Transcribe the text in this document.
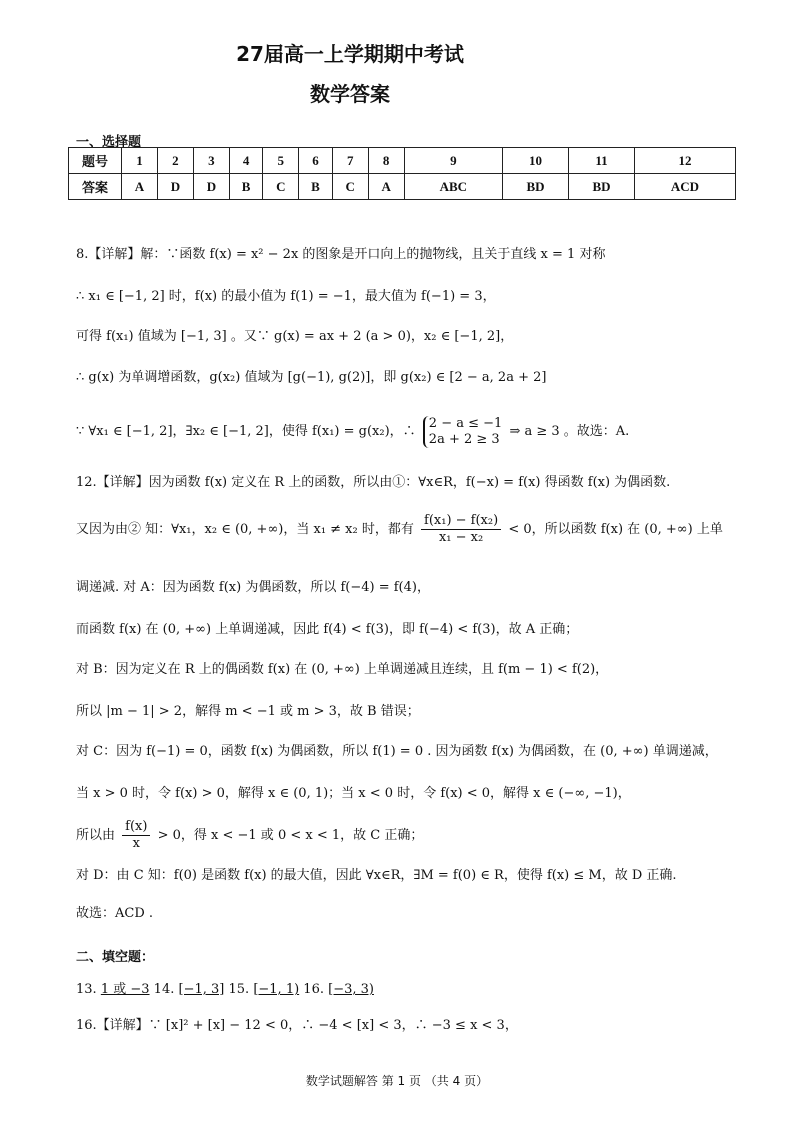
27届高一上学期期中考试
数学答案
一、选择题
题号	1	2	3	4	5	6	7	8	9	10	11	12
答案	A	D	D	B	C	B	C	A	ABC	BD	BD	ACD
8.【详解】解：∵函数 f(x) = x² − 2x 的图象是开口向上的抛物线，且关于直线 x = 1 对称
∴ x₁ ∈ [−1, 2] 时，f(x) 的最小值为 f(1) = −1，最大值为 f(−1) = 3，
可得 f(x₁) 值域为 [−1, 3] 。又∵ g(x) = ax + 2 (a > 0)，x₂ ∈ [−1, 2]，
∴ g(x) 为单调增函数，g(x₂) 值域为 [g(−1), g(2)]，即 g(x₂) ∈ [2 − a, 2a + 2]
∵ ∀x₁ ∈ [−1, 2]，∃x₂ ∈ [−1, 2]，使得 f(x₁) = g(x₂)，∴
2 − a ≤ −1
2a + 2 ≥ 3 ⇒ a ≥ 3 。故选：A.
12.【详解】因为函数 f(x) 定义在 R 上的函数，所以由①：∀x∈R，f(−x) = f(x) 得函数 f(x) 为偶函数.
又因为由② 知：∀x₁，x₂ ∈ (0, +∞)，当 x₁ ≠ x₂ 时，都有 $\frac{\text{f(x₁) − f(x₂)}}{\text{x₁ − x₂}} < 0$，所以函数 f(x) 在 (0, +∞) 上单
调递减. 对 A：因为函数 f(x) 为偶函数，所以 f(−4) = f(4)，
而函数 f(x) 在 (0, +∞) 上单调递减，因此 f(4) < f(3)，即 f(−4) < f(3)，故 A 正确；
对 B：因为定义在 R 上的偶函数 f(x) 在 (0, +∞) 上单调递减且连续，且 f(m − 1) < f(2)，
所以 |m − 1| > 2，解得 m < −1 或 m > 3，故 B 错误；
对 C：因为 f(−1) = 0，函数 f(x) 为偶函数，所以 f(1) = 0 . 因为函数 f(x) 为偶函数，在 (0, +∞) 单调递减，
当 x > 0 时，令 f(x) > 0，解得 x ∈ (0, 1)；当 x < 0 时，令 f(x) < 0，解得 x ∈ (−∞, −1)，
所以由 $\frac{f(x)}{x} > 0$，得 x < −1 或 0 < x < 1，故 C 正确；
对 D：由 C 知：f(0) 是函数 f(x) 的最大值，因此 ∀x∈R，∃M = f(0) ∈ R，使得 f(x) ≤ M，故 D 正确.
故选：ACD .
二、填空题：
13. 1 或 −3 14. [−1, 3] 15. [−1, 1) 16. [−3, 3)
16.【详解】∵ [x]² + [x] − 12 < 0，∴ −4 < [x] < 3，∴ −3 ≤ x < 3，
数学试题解答 第 1 页 （共 4 页）
